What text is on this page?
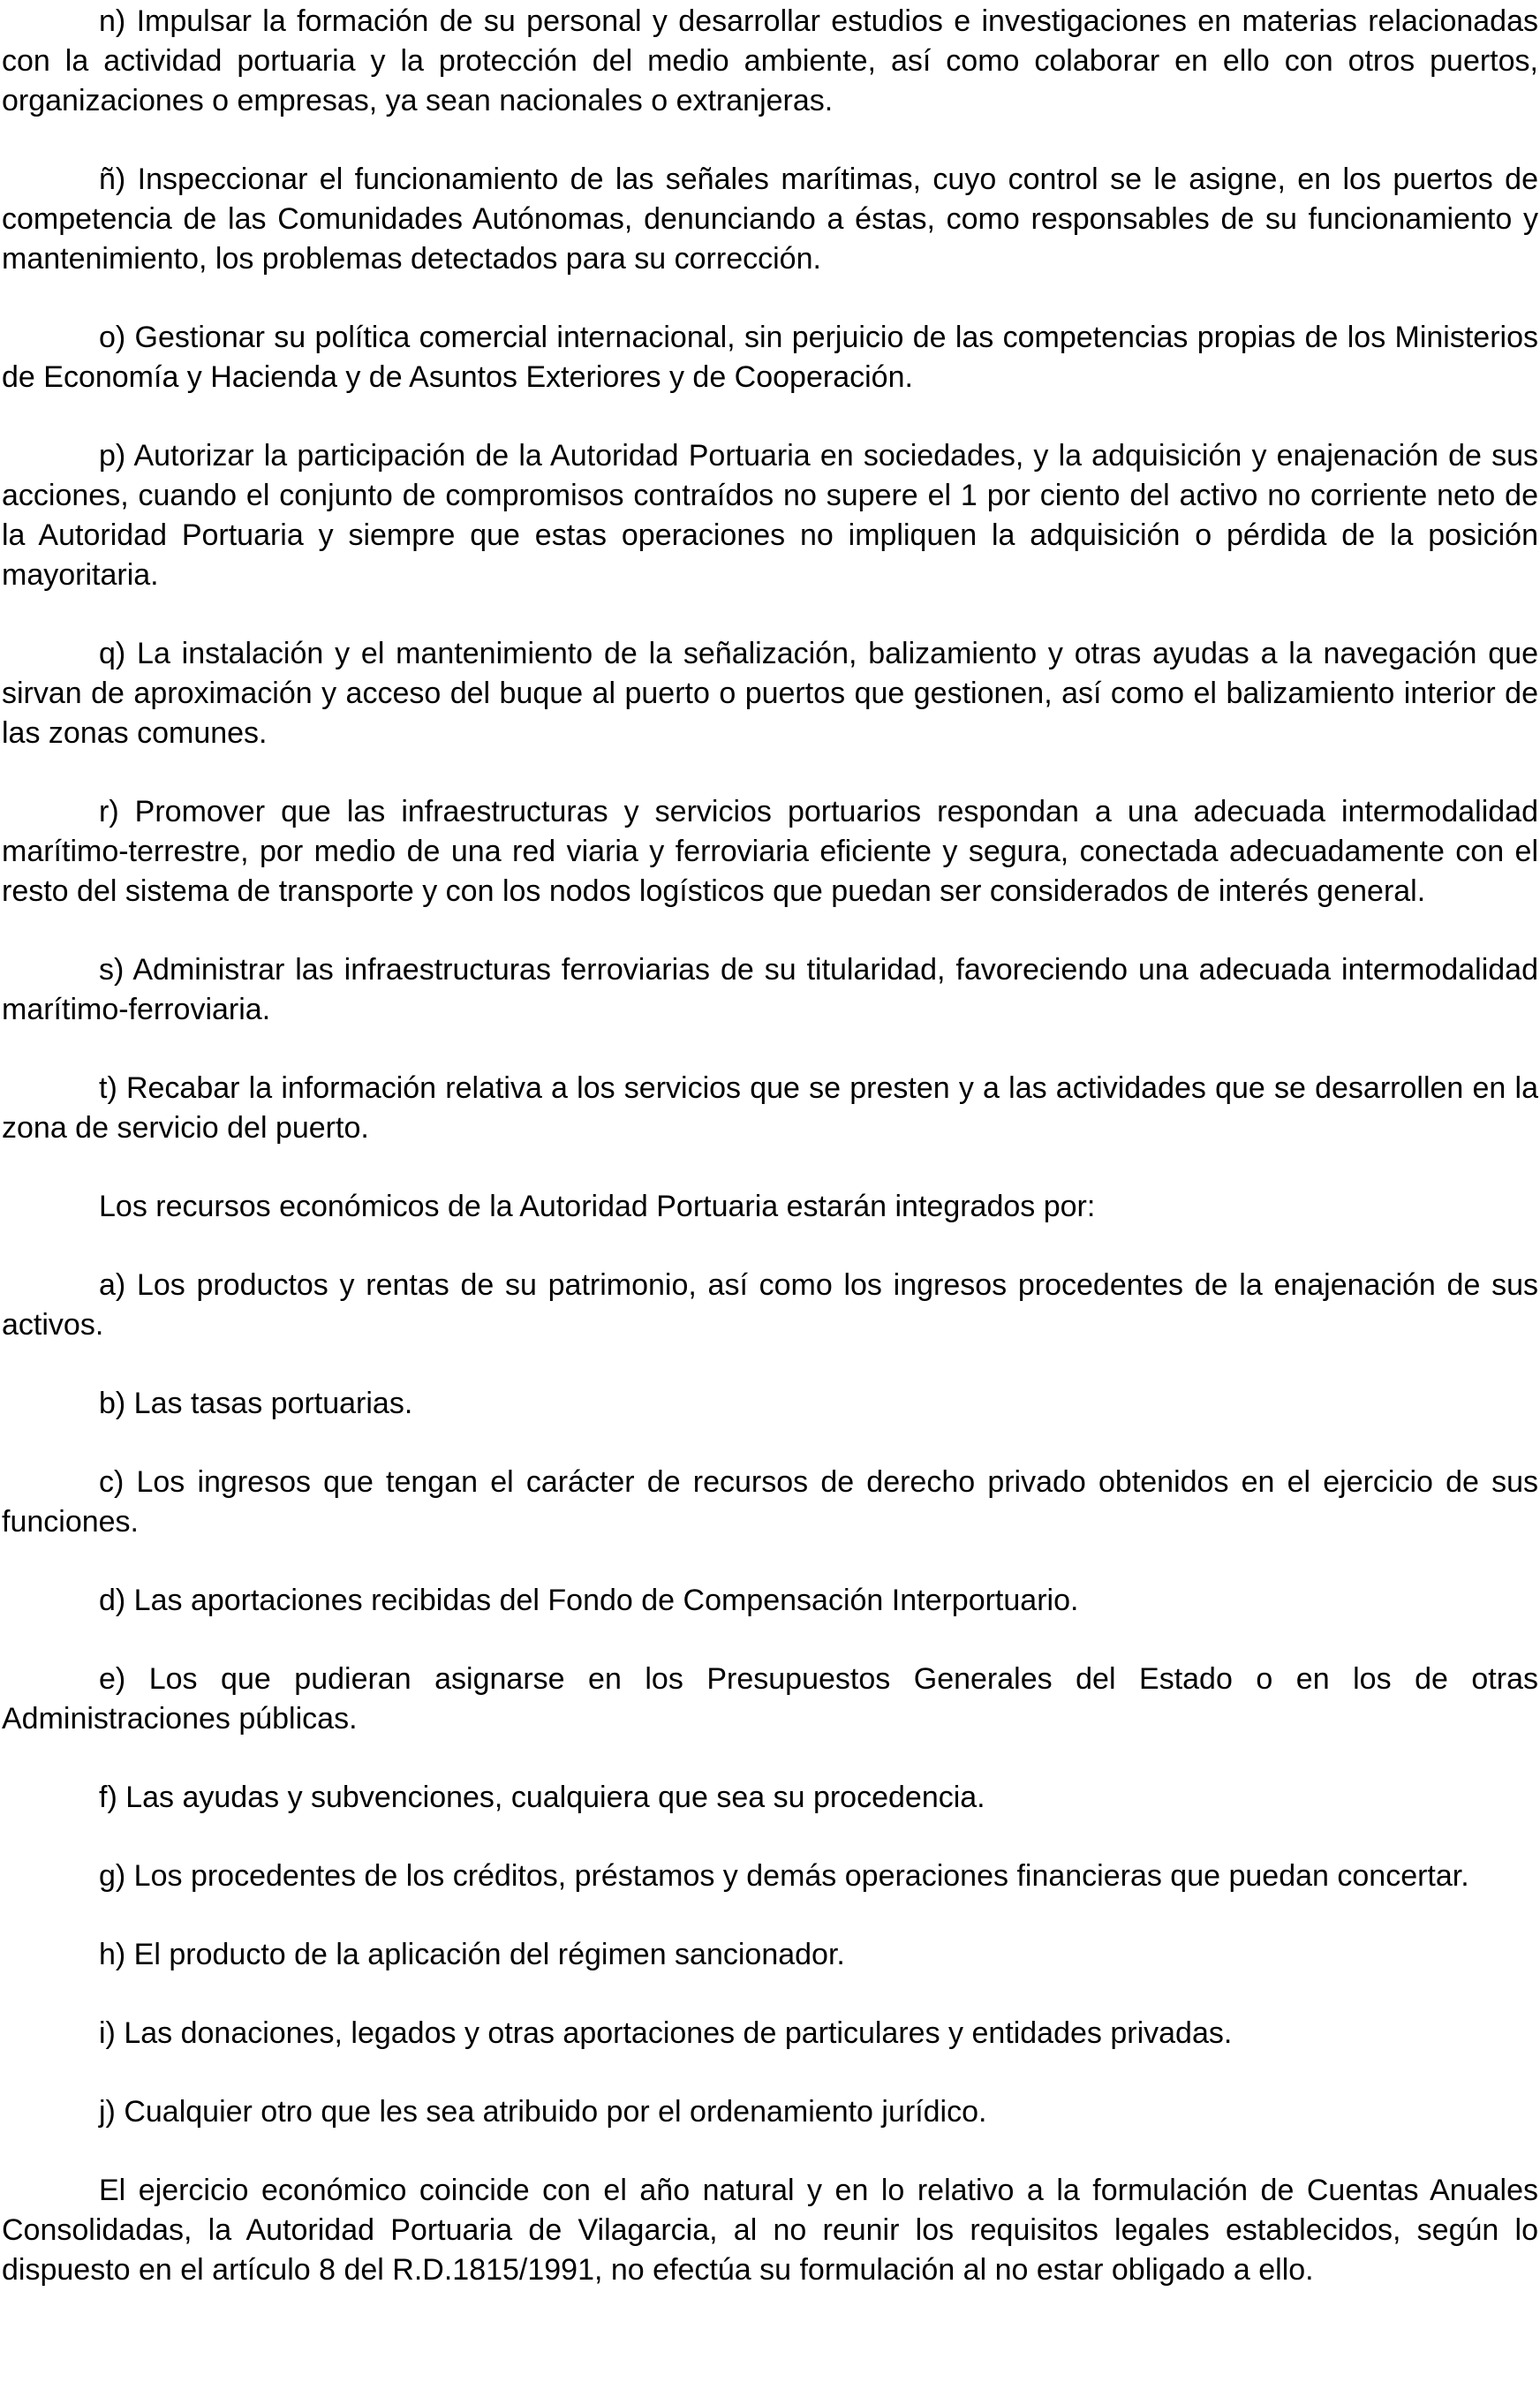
n) Impulsar la formación de su personal y desarrollar estudios e investigaciones en materias relacionadas con la actividad portuaria y la protección del medio ambiente, así como colaborar en ello con otros puertos, organizaciones o empresas, ya sean nacionales o extranjeras.

ñ) Inspeccionar el funcionamiento de las señales marítimas, cuyo control se le asigne, en los puertos de competencia de las Comunidades Autónomas, denunciando a éstas, como responsables de su funcionamiento y mantenimiento, los problemas detectados para su corrección.

o) Gestionar su política comercial internacional, sin perjuicio de las competencias propias de los Ministerios de Economía y Hacienda y de Asuntos Exteriores y de Cooperación.

p) Autorizar la participación de la Autoridad Portuaria en sociedades, y la adquisición y enajenación de sus acciones, cuando el conjunto de compromisos contraídos no supere el 1 por ciento del activo no corriente neto de la Autoridad Portuaria y siempre que estas operaciones no impliquen la adquisición o pérdida de la posición mayoritaria.

q) La instalación y el mantenimiento de la señalización, balizamiento y otras ayudas a la navegación que sirvan de aproximación y acceso del buque al puerto o puertos que gestionen, así como el balizamiento interior de las zonas comunes.

r) Promover que las infraestructuras y servicios portuarios respondan a una adecuada intermodalidad marítimo-terrestre, por medio de una red viaria y ferroviaria eficiente y segura, conectada adecuadamente con el resto del sistema de transporte y con los nodos logísticos que puedan ser considerados de interés general.

s) Administrar las infraestructuras ferroviarias de su titularidad, favoreciendo una adecuada intermodalidad marítimo-ferroviaria.

t) Recabar la información relativa a los servicios que se presten y a las actividades que se desarrollen en la zona de servicio del puerto.

Los recursos económicos de la Autoridad Portuaria estarán integrados por:

a) Los productos y rentas de su patrimonio, así como los ingresos procedentes de la enajenación de sus activos.

b) Las tasas portuarias.

c) Los ingresos que tengan el carácter de recursos de derecho privado obtenidos en el ejercicio de sus funciones.

d) Las aportaciones recibidas del Fondo de Compensación Interportuario.

e) Los que pudieran asignarse en los Presupuestos Generales del Estado o en los de otras Administraciones públicas.

f) Las ayudas y subvenciones, cualquiera que sea su procedencia.

g) Los procedentes de los créditos, préstamos y demás operaciones financieras que puedan concertar.

h) El producto de la aplicación del régimen sancionador.

i) Las donaciones, legados y otras aportaciones de particulares y entidades privadas.

j) Cualquier otro que les sea atribuido por el ordenamiento jurídico.

El ejercicio económico coincide con el año natural y en lo relativo a la formulación de Cuentas Anuales Consolidadas, la Autoridad Portuaria de Vilagarcia, al no reunir los requisitos legales establecidos, según lo dispuesto en el artículo 8 del R.D.1815/1991, no efectúa su formulación al no estar obligado a ello.
